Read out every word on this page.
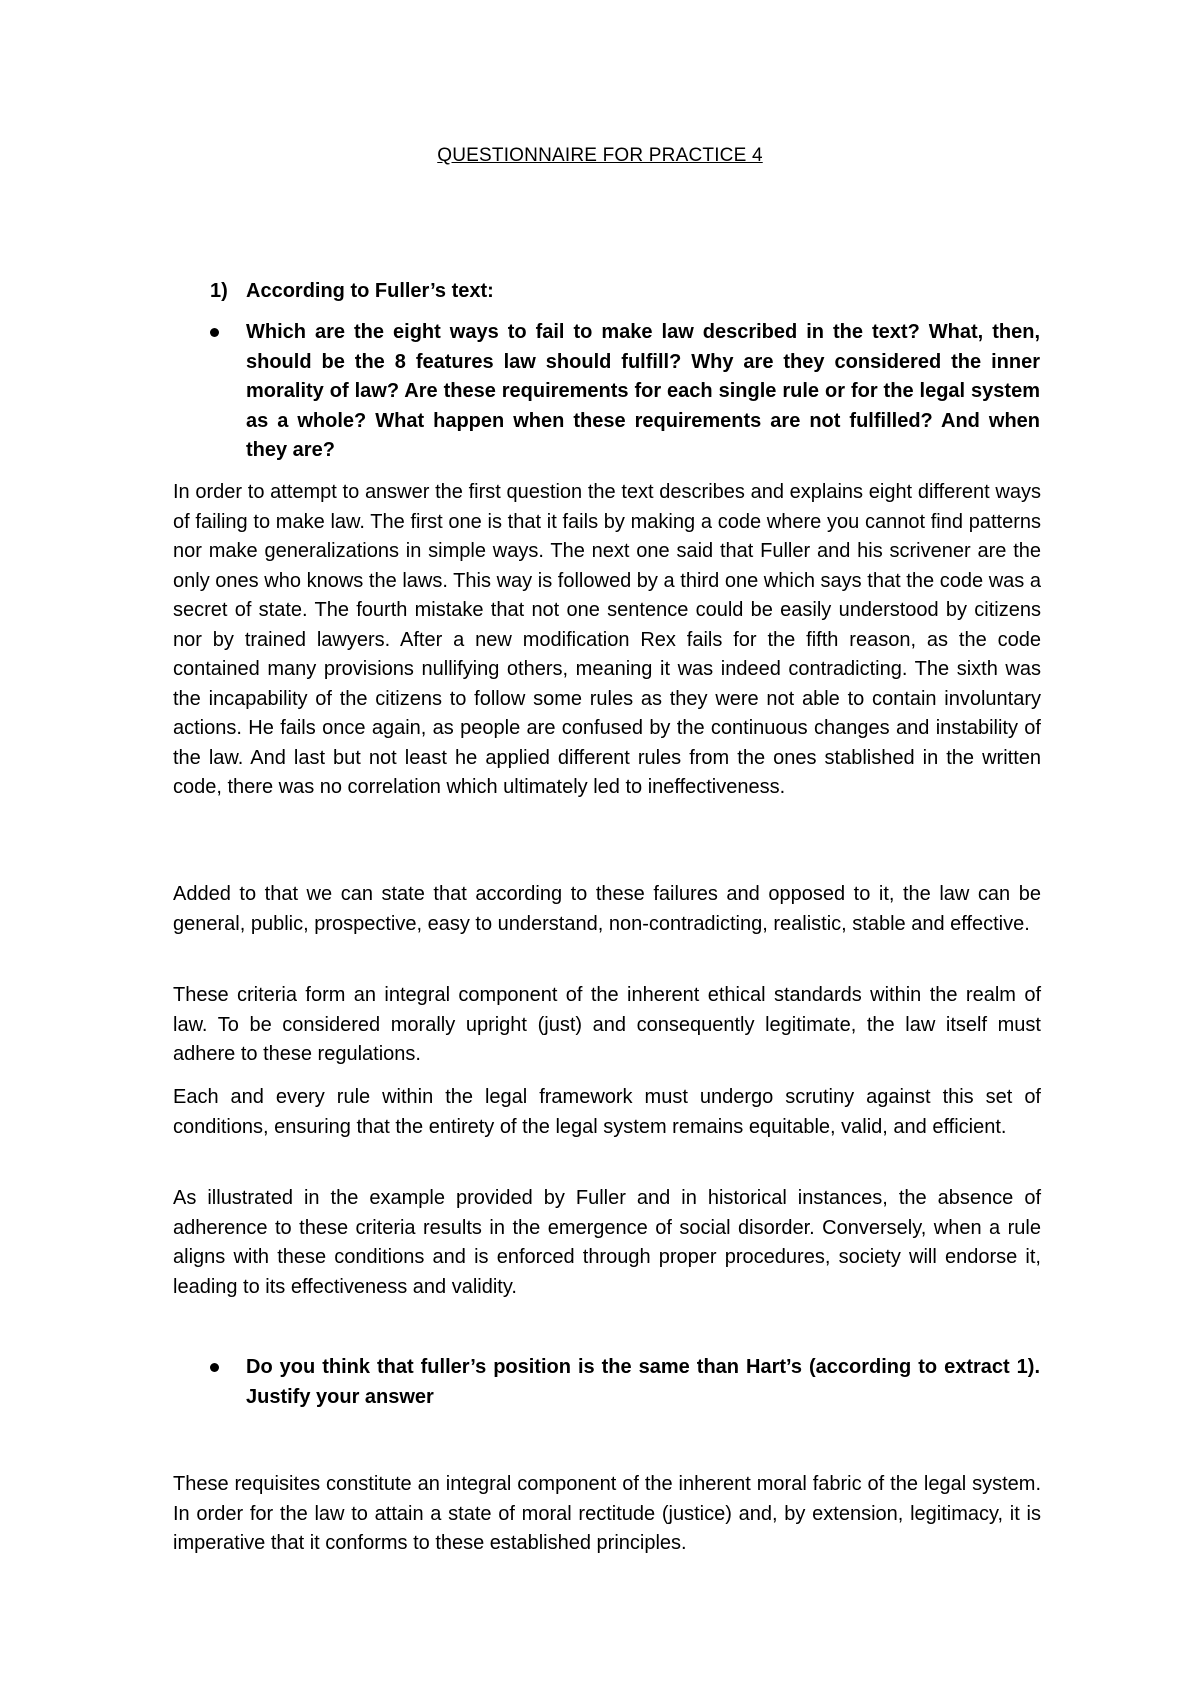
QUESTIONNAIRE FOR PRACTICE 4
1) According to Fuller’s text:
Which are the eight ways to fail to make law described in the text? What, then, should be the 8 features law should fulfill? Why are they considered the inner morality of law? Are these requirements for each single rule or for the legal system as a whole? What happen when these requirements are not fulfilled? And when they are?

In order to attempt to answer the first question the text describes and explains eight different ways of failing to make law. The first one is that it fails by making a code where you cannot find patterns nor make generalizations in simple ways. The next one said that Fuller and his scrivener are the only ones who knows the laws. This way is followed by a third one which says that the code was a secret of state. The fourth mistake that not one sentence could be easily understood by citizens nor by trained lawyers. After a new modification Rex fails for the fifth reason, as the code contained many provisions nullifying others, meaning it was indeed contradicting. The sixth was the incapability of the citizens to follow some rules as they were not able to contain involuntary actions. He fails once again, as people are confused by the continuous changes and instability of the law. And last but not least he applied different rules from the ones stablished in the written code, there was no correlation which ultimately led to ineffectiveness.

Added to that we can state that according to these failures and opposed to it, the law can be general, public, prospective, easy to understand, non-contradicting, realistic, stable and effective.

These criteria form an integral component of the inherent ethical standards within the realm of law. To be considered morally upright (just) and consequently legitimate, the law itself must adhere to these regulations.

Each and every rule within the legal framework must undergo scrutiny against this set of conditions, ensuring that the entirety of the legal system remains equitable, valid, and efficient.

As illustrated in the example provided by Fuller and in historical instances, the absence of adherence to these criteria results in the emergence of social disorder. Conversely, when a rule aligns with these conditions and is enforced through proper procedures, society will endorse it, leading to its effectiveness and validity.

Do you think that fuller’s position is the same than Hart’s (according to extract 1). Justify your answer

These requisites constitute an integral component of the inherent moral fabric of the legal system. In order for the law to attain a state of moral rectitude (justice) and, by extension, legitimacy, it is imperative that it conforms to these established principles.
